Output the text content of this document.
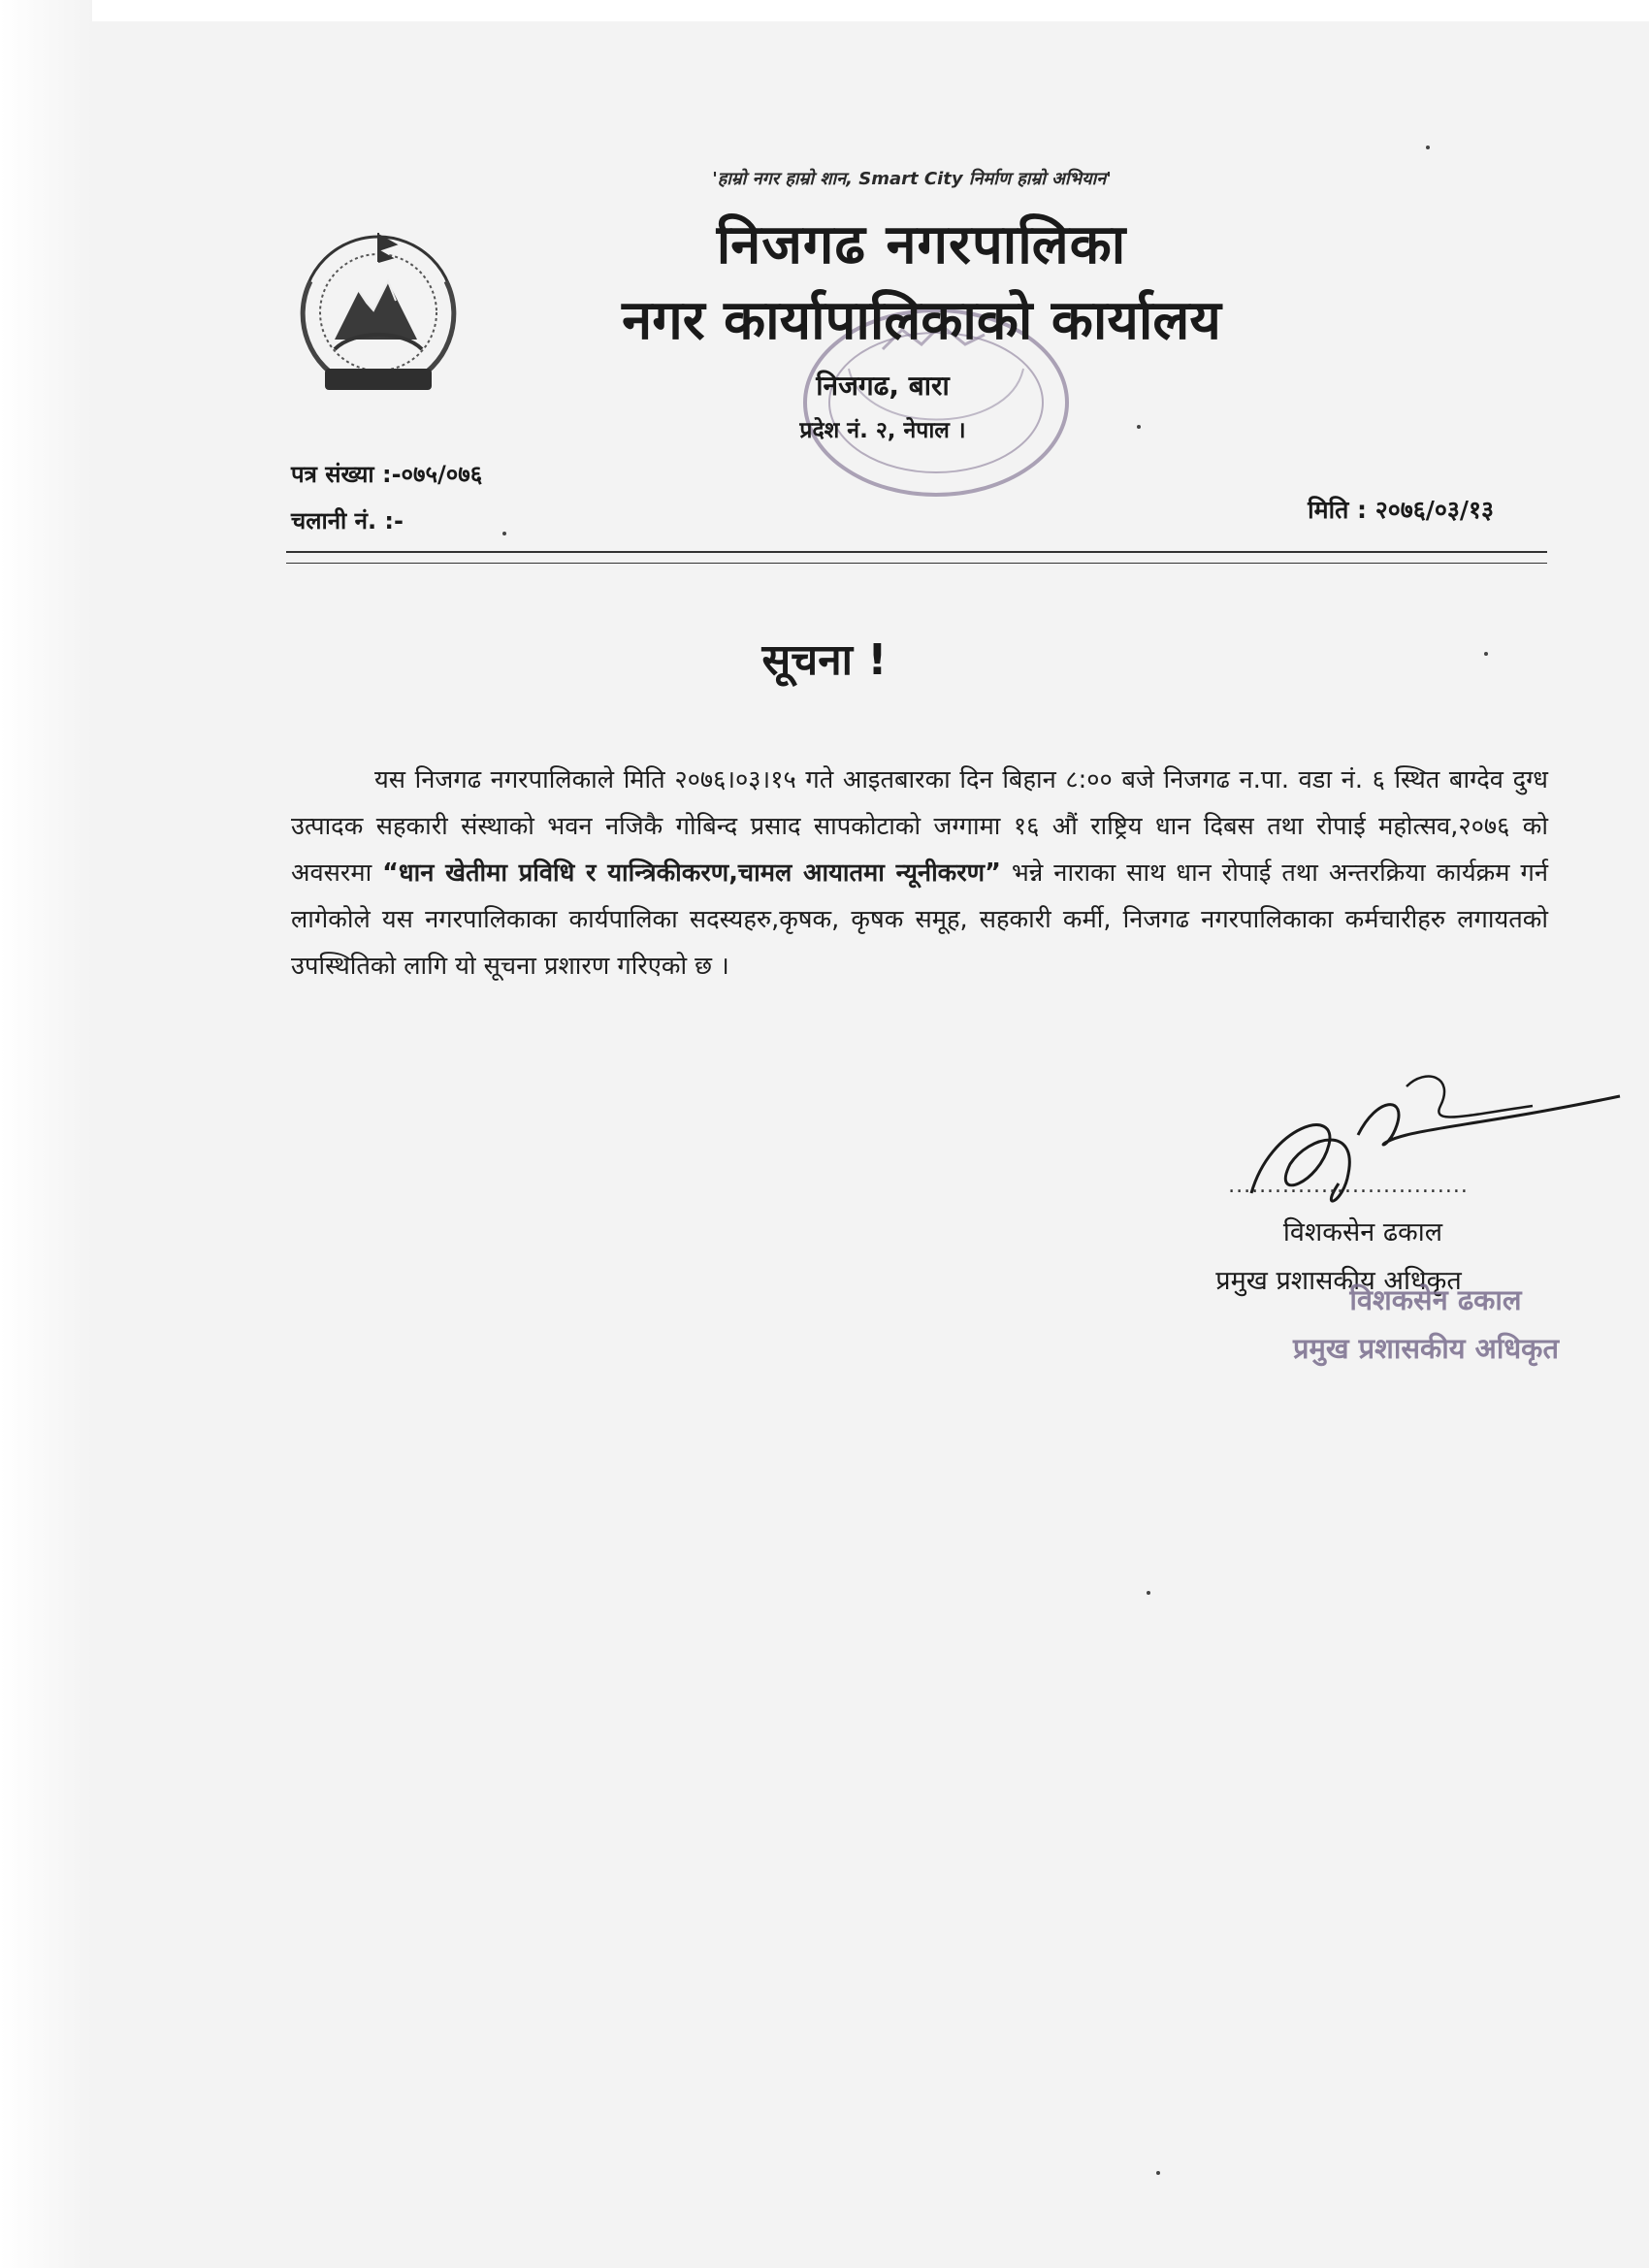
'हाम्रो नगर हाम्रो शान, Smart City निर्माण हाम्रो अभियान'
निजगढ नगरपालिका
नगर कार्यापालिकाको कार्यालय
निजगढ, बारा
प्रदेश नं. २, नेपाल ।
पत्र संख्या :-०७५/०७६
चलानी नं. :-	मिति : २०७६/०३/१३
सूचना !
यस निजगढ नगरपालिकाले मिति २०७६।०३।१५ गते आइतबारका दिन बिहान ८:०० बजे निजगढ न.पा. वडा नं. ६ स्थित बाग्देव दुग्ध उत्पादक सहकारी संस्थाको भवन नजिकै गोबिन्द प्रसाद सापकोटाको जग्गामा १६ औं राष्ट्रिय धान दिबस तथा रोपाई महोत्सव,२०७६ को अवसरमा “धान खेतीमा प्रविधि र यान्त्रिकीकरण,चामल आयातमा न्यूनीकरण” भन्ने नाराका साथ धान रोपाई तथा अन्तरक्रिया कार्यक्रम गर्न लागेकोले यस नगरपालिकाका कार्यपालिका सदस्यहरु,कृषक, कृषक समूह, सहकारी कर्मी, निजगढ नगरपालिकाका कर्मचारीहरु लगायतको उपस्थितिको लागि यो सूचना प्रशारण गरिएको छ ।
...............................
विशकसेन ढकाल
प्रमुख प्रशासकीय अधिकृत
विशकसेन ढकाल
प्रमुख प्रशासकीय अधिकृत
